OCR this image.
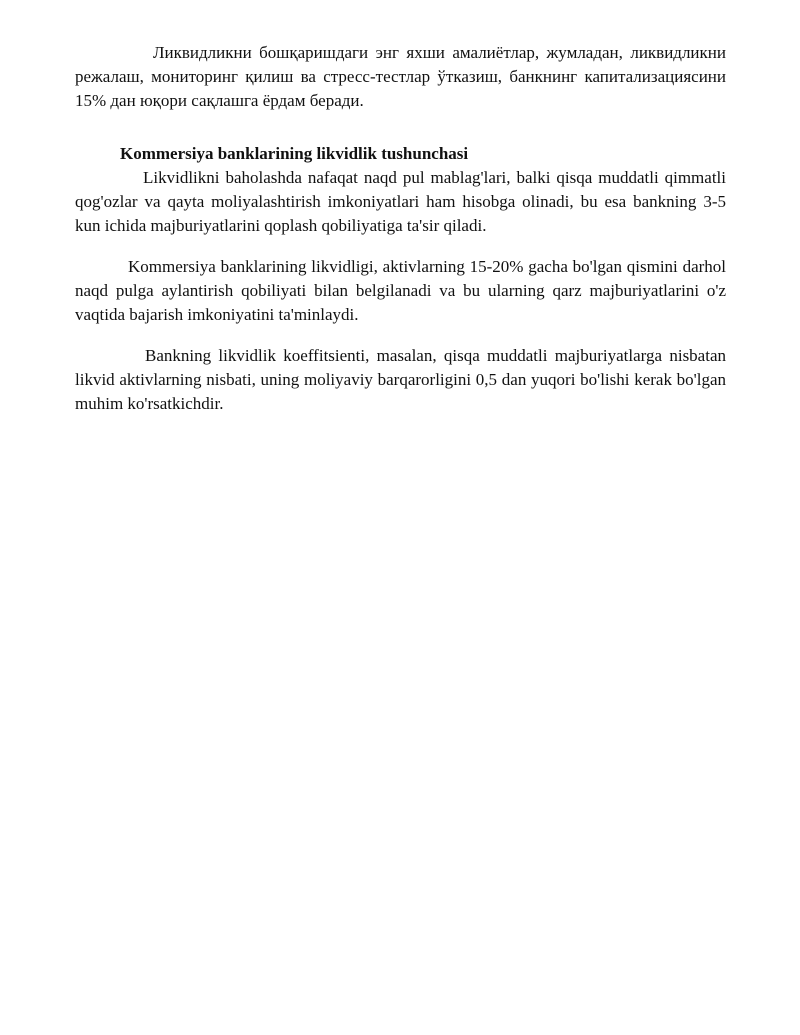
Ликвидликни бошқаришдаги энг яхши амалиётлар, жумладан, ликвидликни режалаш, мониторинг қилиш ва стресс-тестлар ўтказиш, банкнинг капитализациясини 15% дан юқори сақлашга ёрдам беради.

Kommersiya banklarining likvidlik tushunchasi

Likvidlikni baholashda nafaqat naqd pul mablag'lari, balki qisqa muddatli qimmatli qog'ozlar va qayta moliyalashtirish imkoniyatlari ham hisobga olinadi, bu esa bankning 3-5 kun ichida majburiyatlarini qoplash qobiliyatiga ta'sir qiladi.

Kommersiya banklarining likvidligi, aktivlarning 15-20% gacha bo'lgan qismini darhol naqd pulga aylantirish qobiliyati bilan belgilanadi va bu ularning qarz majburiyatlarini o'z vaqtida bajarish imkoniyatini ta'minlaydi.

Bankning likvidlik koeffitsienti, masalan, qisqa muddatli majburiyatlarga nisbatan likvid aktivlarning nisbati, uning moliyaviy barqarorligini 0,5 dan yuqori bo'lishi kerak bo'lgan muhim ko'rsatkichdir.
